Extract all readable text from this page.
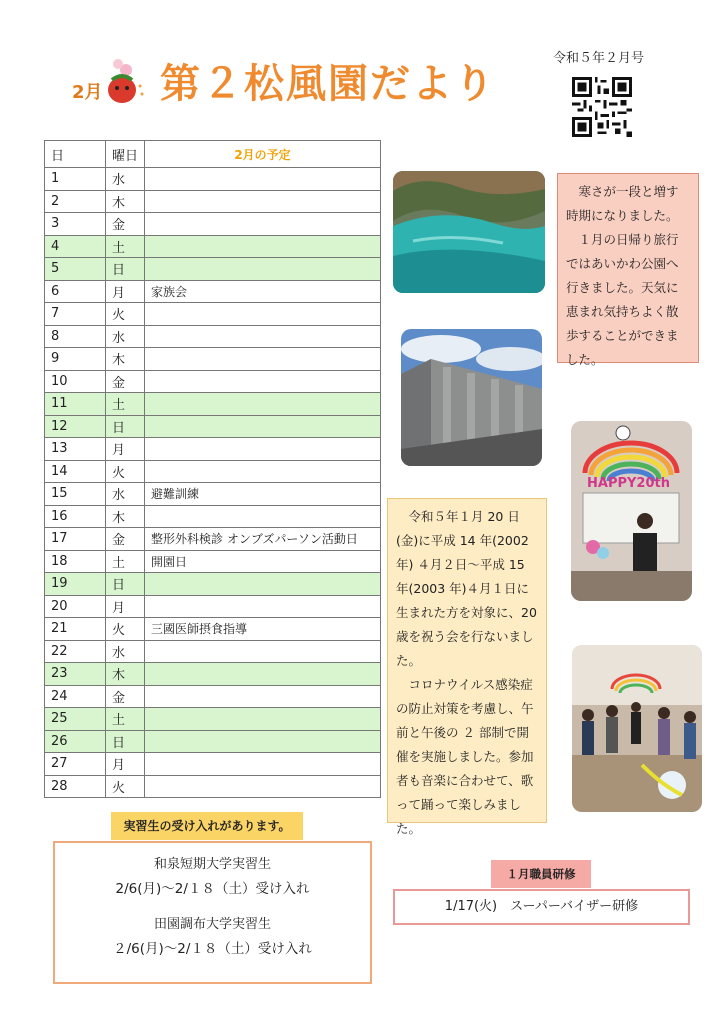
2月 第２松風園だより
令和５年２月号
日	曜日	2月の予定
1	水	
2	木	
3	金	
4	土	
5	日	
6	月	家族会
7	火	
8	水	
9	木	
10	金	
11	土	
12	日	
13	月	
14	火	
15	水	避難訓練
16	木	
17	金	整形外科検診 オンブズパーソン活動日
18	土	開園日
19	日	
20	月	
21	火	三國医師摂食指導
22	水	
23	木	
24	金	
25	土	
26	日	
27	月	
28	火	
HAPPY20th

寒さが一段と増す時期になりました。

１月の日帰り旅行ではあいかわ公園へ行きました。天気に恵まれ気持ちよく散歩することができました。

令和５年１月 20 日(金)に平成 14 年(2002 年) ４月２日～平成 15 年(2003 年)４月１日に生まれた方を対象に、20 歳を祝う会を行ないました。

コロナウイルス感染症の防止対策を考慮し、午前と午後の ２ 部制で開催を実施しました。参加者も音楽に合わせて、歌って踊って楽しみました。

実習生の受け入れがあります。
和泉短期大学実習生
2/6(月)～2/１８（土）受け入れ
田園調布大学実習生
２/6(月)～2/１８（土）受け入れ
１月職員研修
1/17(火)　スーパーバイザー研修
